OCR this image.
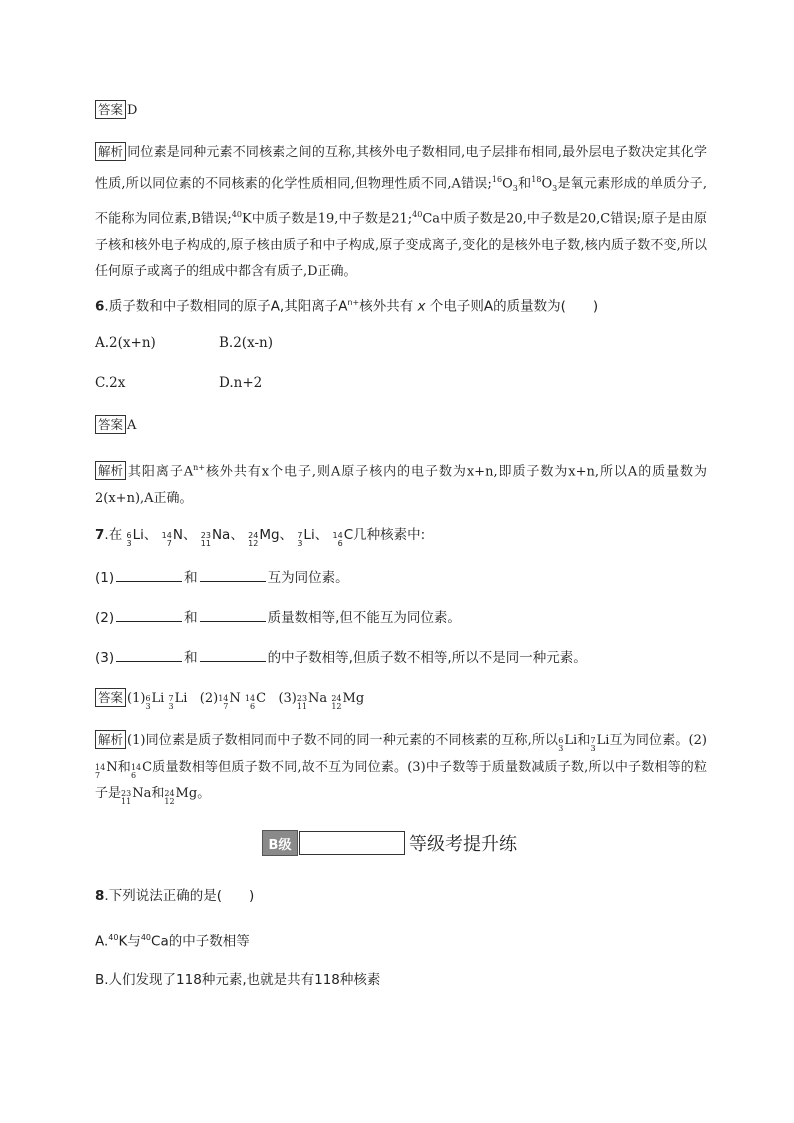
答案 D
解析 同位素是同种元素不同核素之间的互称,其核外电子数相同,电子层排布相同,最外层电子数决定其化学性质,所以同位素的不同核素的化学性质相同,但物理性质不同,A错误$;^{16}O_3$和$^{18}O_3$是氧元素形成的单质分子,不能称为同位素,B错误;$^{40}$K中质子数是19,中子数是21;$^{40}$Ca中质子数是20,中子数是20,C错误;原子是由原子核和核外电子构成的,原子核由质子和中子构成,原子变成离子,变化的是核外电子数,核内质子数不变,所以任何原子或离子的组成中都含有质子,D正确。
6.质子数和中子数相同的原子A,其阳离子$A^{n+}$核外共有 x 个电子则A的质量数为(　　)
A.2(x+n)	B.2(x-n)
C.2x	D.n+2
答案 A
解析 其阳离子$A^{n+}$核外共有x个电子,则A原子核内的电子数为x+n,即质子数为x+n,所以A的质量数为2(x+n),A正确。
7.在 6
3
Li、 14
7
N、 23
11
Na、 24
12
Mg、 7
3
Li、 14
6
C几种核素中:
(1)	和	互为同位素。
(2)	和	质量数相等,但不能互为同位素。
(3)	和	的中子数相等,但质子数不相等,所以不是同一种元素。
答案 (1) 6
3
Li 7
3
Li (2) 14
7
N 14
6
C (3) 23
11
Na 24
12
Mg
解析 (1)同位素是质子数相同而中子数不同的同一种元素的不同核素的互称,所以 6
3
Li和 7
3
Li互为同位素。(2)
14
7
N和 14
6
C质量数相等但质子数不同,故不互为同位素。(3)中子数等于质量数减质子数,所以中子数相等的粒子是 23
11
Na和 24
12
Mg。
B级	等级考提升练
8.下列说法正确的是(　　)
A.$^{40}$K与$^{40}$Ca的中子数相等
B.人们发现了118种元素,也就是共有118种核素
